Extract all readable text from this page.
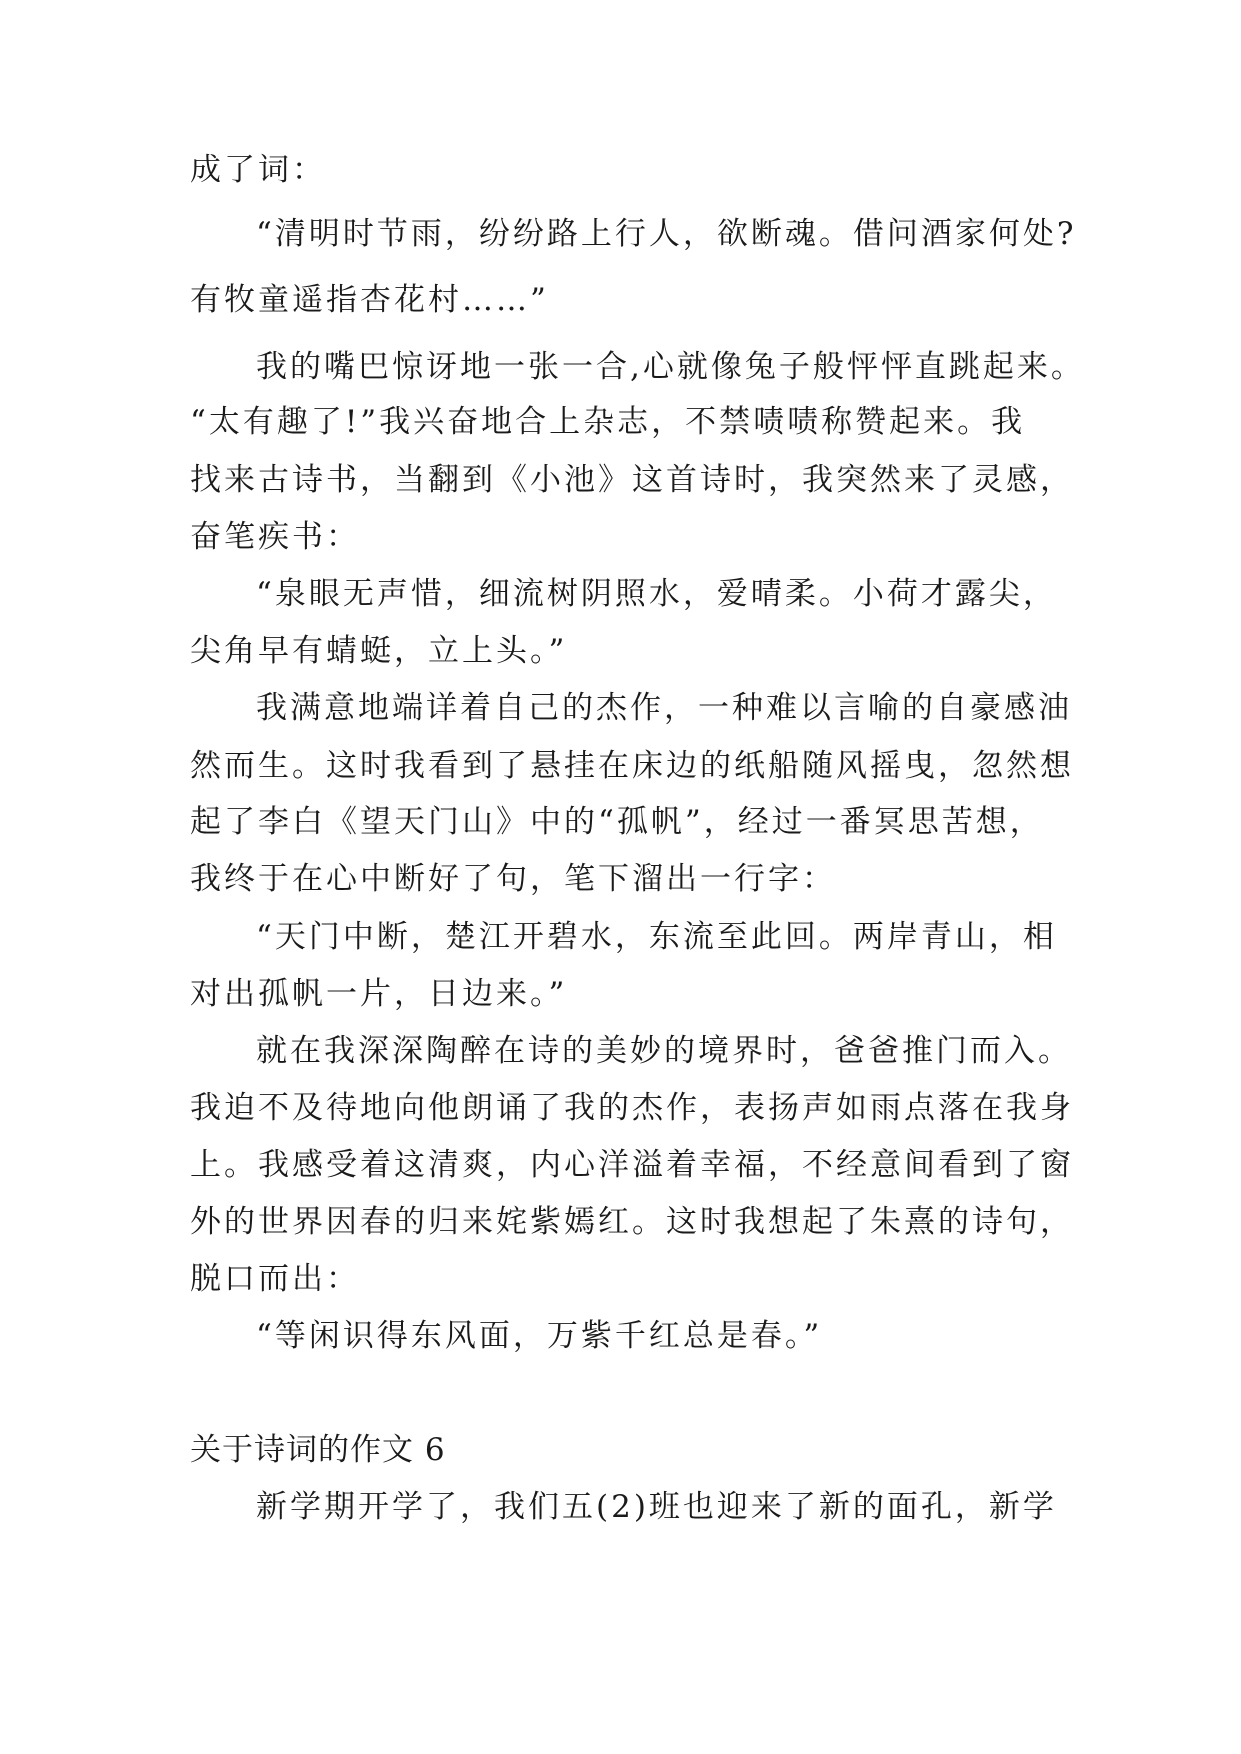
成了词：
“清明时节雨，纷纷路上行人，欲断魂。借问酒家何处?
有牧童遥指杏花村……”
我的嘴巴惊讶地一张一合,心就像兔子般怦怦直跳起来。
“太有趣了!”我兴奋地合上杂志，不禁啧啧称赞起来。我
找来古诗书，当翻到《小池》这首诗时，我突然来了灵感，
奋笔疾书：
“泉眼无声惜，细流树阴照水，爱晴柔。小荷才露尖，
尖角早有蜻蜓，立上头。”
我满意地端详着自己的杰作，一种难以言喻的自豪感油
然而生。这时我看到了悬挂在床边的纸船随风摇曳，忽然想
起了李白《望天门山》中的“孤帆”，经过一番冥思苦想，
我终于在心中断好了句，笔下溜出一行字：
“天门中断，楚江开碧水，东流至此回。两岸青山，相
对出孤帆一片，日边来。”
就在我深深陶醉在诗的美妙的境界时，爸爸推门而入。
我迫不及待地向他朗诵了我的杰作，表扬声如雨点落在我身
上。我感受着这清爽，内心洋溢着幸福，不经意间看到了窗
外的世界因春的归来姹紫嫣红。这时我想起了朱熹的诗句，
脱口而出：
“等闲识得东风面，万紫千红总是春。”
关于诗词的作文 6
新学期开学了，我们五(2)班也迎来了新的面孔，新学
